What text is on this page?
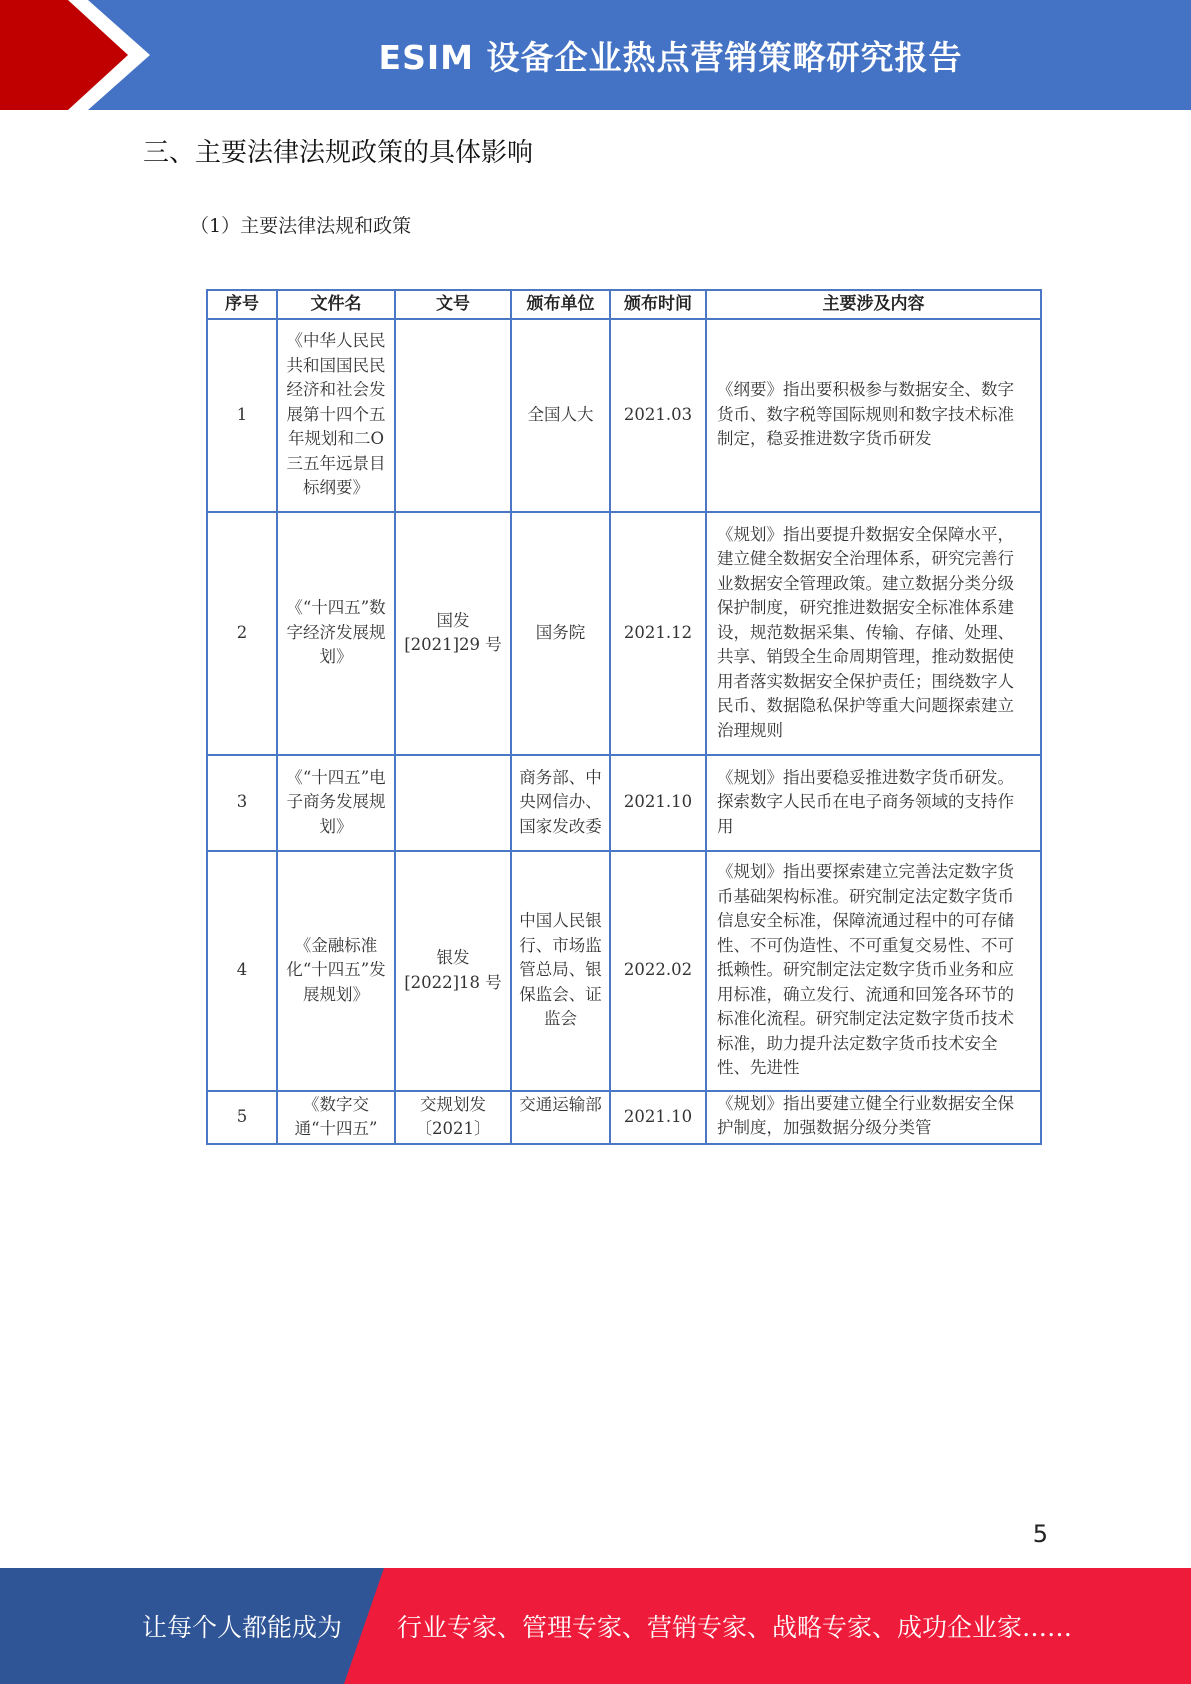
ESIM 设备企业热点营销策略研究报告
三、主要法律法规政策的具体影响
（1）主要法律法规和政策
序号	文件名	文号	颁布单位	颁布时间	主要涉及内容
1	《中华人民民共和国国民民经济和社会发展第十四个五年规划和二O三五年远景目标纲要》		全国人大	2021.03	《纲要》指出要积极参与数据安全、数字货币、数字税等国际规则和数字技术标准制定，稳妥推进数字货币研发
2	《“十四五”数字经济发展规划》	国发[2021]29 号	国务院	2021.12	《规划》指出要提升数据安全保障水平，建立健全数据安全治理体系，研究完善行业数据安全管理政策。建立数据分类分级保护制度，研究推进数据安全标准体系建设，规范数据采集、传输、存储、处理、共享、销毁全生命周期管理，推动数据使用者落实数据安全保护责任；围绕数字人民币、数据隐私保护等重大问题探索建立治理规则
3	《“十四五”电子商务发展规划》		商务部、中央网信办、国家发改委	2021.10	《规划》指出要稳妥推进数字货币研发。探索数字人民币在电子商务领域的支持作用
4	《金融标准化“十四五”发展规划》	银发[2022]18 号	中国人民银行、市场监管总局、银保监会、证监会	2022.02	《规划》指出要探索建立完善法定数字货币基础架构标准。研究制定法定数字货币信息安全标准，保障流通过程中的可存储性、不可伪造性、不可重复交易性、不可抵赖性。研究制定法定数字货币业务和应用标准，确立发行、流通和回笼各环节的标准化流程。研究制定法定数字货币技术标准，助力提升法定数字货币技术安全性、先进性
5	《数字交通“十四五”	交规划发〔2021〕	交通运输部	2021.10	《规划》指出要建立健全行业数据安全保护制度，加强数据分级分类管
5
让每个人都能成为 行业专家、管理专家、营销专家、战略专家、成功企业家……
